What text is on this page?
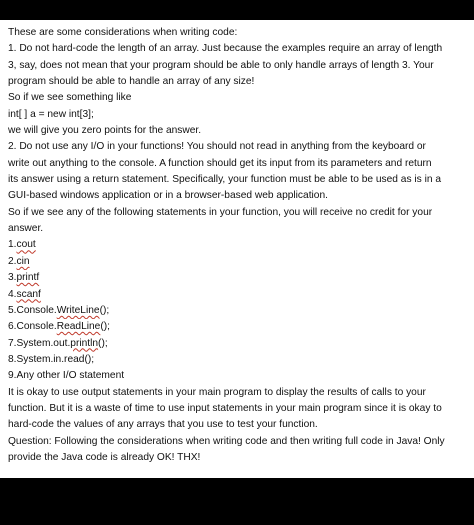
These are some considerations when writing code:
1. Do not hard-code the length of an array. Just because the examples require an array of length
3, say, does not mean that your program should be able to only handle arrays of length 3. Your
program should be able to handle an array of any size!
So if we see something like
int[ ] a = new int[3];
we will give you zero points for the answer.
2. Do not use any I/O in your functions! You should not read in anything from the keyboard or
write out anything to the console. A function should get its input from its parameters and return
its answer using a return statement. Specifically, your function must be able to be used as is in a
GUI-based windows application or in a browser-based web application.
So if we see any of the following statements in your function, you will receive no credit for your
answer.
1.cout
2.cin
3.printf
4.scanf
5.Console.WriteLine();
6.Console.ReadLine();
7.System.out.println();
8.System.in.read();
9.Any other I/O statement
It is okay to use output statements in your main program to display the results of calls to your
function. But it is a waste of time to use input statements in your main program since it is okay to
hard-code the values of any arrays that you use to test your function.
Question: Following the considerations when writing code and then writing full code in Java! Only
provide the Java code is already OK! THX!
